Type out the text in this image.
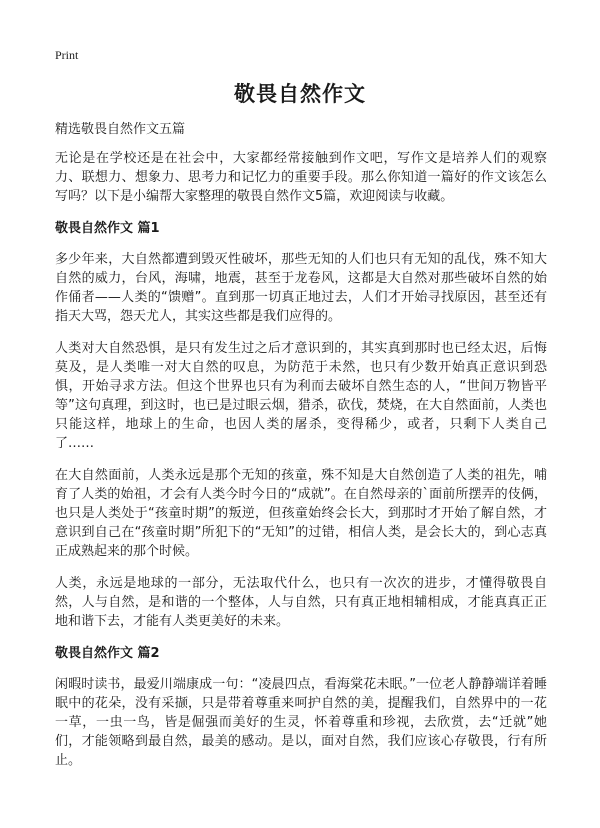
Print
敬畏自然作文
精选敬畏自然作文五篇

无论是在学校还是在社会中，大家都经常接触到作文吧，写作文是培养人们的观察力、联想力、想象力、思考力和记忆力的重要手段。那么你知道一篇好的作文该怎么写吗？以下是小编帮大家整理的敬畏自然作文5篇，欢迎阅读与收藏。

敬畏自然作文 篇1

多少年来，大自然都遭到毁灭性破坏，那些无知的人们也只有无知的乱伐，殊不知大自然的威力，台风，海啸，地震，甚至于龙卷风，这都是大自然对那些破坏自然的始作俑者——人类的“馈赠”。直到那一切真正地过去，人们才开始寻找原因，甚至还有指天大骂，怨天尤人，其实这些都是我们应得的。

人类对大自然恐惧，是只有发生过之后才意识到的，其实真到那时也已经太迟，后悔莫及，是人类唯一对大自然的叹息，为防范于未然，也只有少数开始真正意识到恐惧，开始寻求方法。但这个世界也只有为利而去破坏自然生态的人，“世间万物皆平等”这句真理，到这时，也已是过眼云烟，猎杀，砍伐，焚烧，在大自然面前，人类也只能这样，地球上的生命，也因人类的屠杀，变得稀少，或者，只剩下人类自己了……

在大自然面前，人类永远是那个无知的孩童，殊不知是大自然创造了人类的祖先，哺育了人类的始祖，才会有人类今时今日的“成就”。在自然母亲的`面前所摆弄的伎俩，也只是人类处于“孩童时期”的叛逆，但孩童始终会长大，到那时才开始了解自然，才意识到自己在“孩童时期”所犯下的“无知”的过错，相信人类，是会长大的，到心志真正成熟起来的那个时候。

人类，永远是地球的一部分，无法取代什么，也只有一次次的进步，才懂得敬畏自然，人与自然，是和谐的一个整体，人与自然，只有真正地相辅相成，才能真真正正地和谐下去，才能有人类更美好的未来。

敬畏自然作文 篇2

闲暇时读书，最爱川端康成一句：“凌晨四点，看海棠花未眠。”一位老人静静端详着睡眠中的花朵，没有采撷，只是带着尊重来呵护自然的美，提醒我们，自然界中的一花一草，一虫一鸟，皆是倔强而美好的生灵，怀着尊重和珍视，去欣赏，去“迁就”她们，才能领略到最自然，最美的感动。是以，面对自然，我们应该心存敬畏，行有所止。
